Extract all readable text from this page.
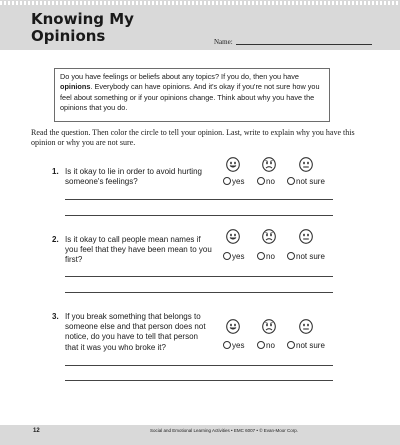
Knowing My
Opinions	Name:

Do you have feelings or beliefs about any topics? If you do, then you have opinions. Everybody can have opinions. And it's okay if you're not sure how you feel about something or if your opinions change. Think about why you have the opinions that you do.

Read the question. Then color the circle to tell your opinion. Last, write to explain why you have this opinion or why you are not sure.

1. Is it okay to lie in order to avoid hurting someone's feelings?

2. Is it okay to call people mean names if you feel that they have been mean to you first?

3. If you break something that belongs to someone else and that person does not notice, do you have to tell that person that it was you who broke it?

yes	no	not sure
yes	no	not sure
yes	no	not sure
12	Social and Emotional Learning Activities • EMC 6007 • © Evan-Moor Corp.
